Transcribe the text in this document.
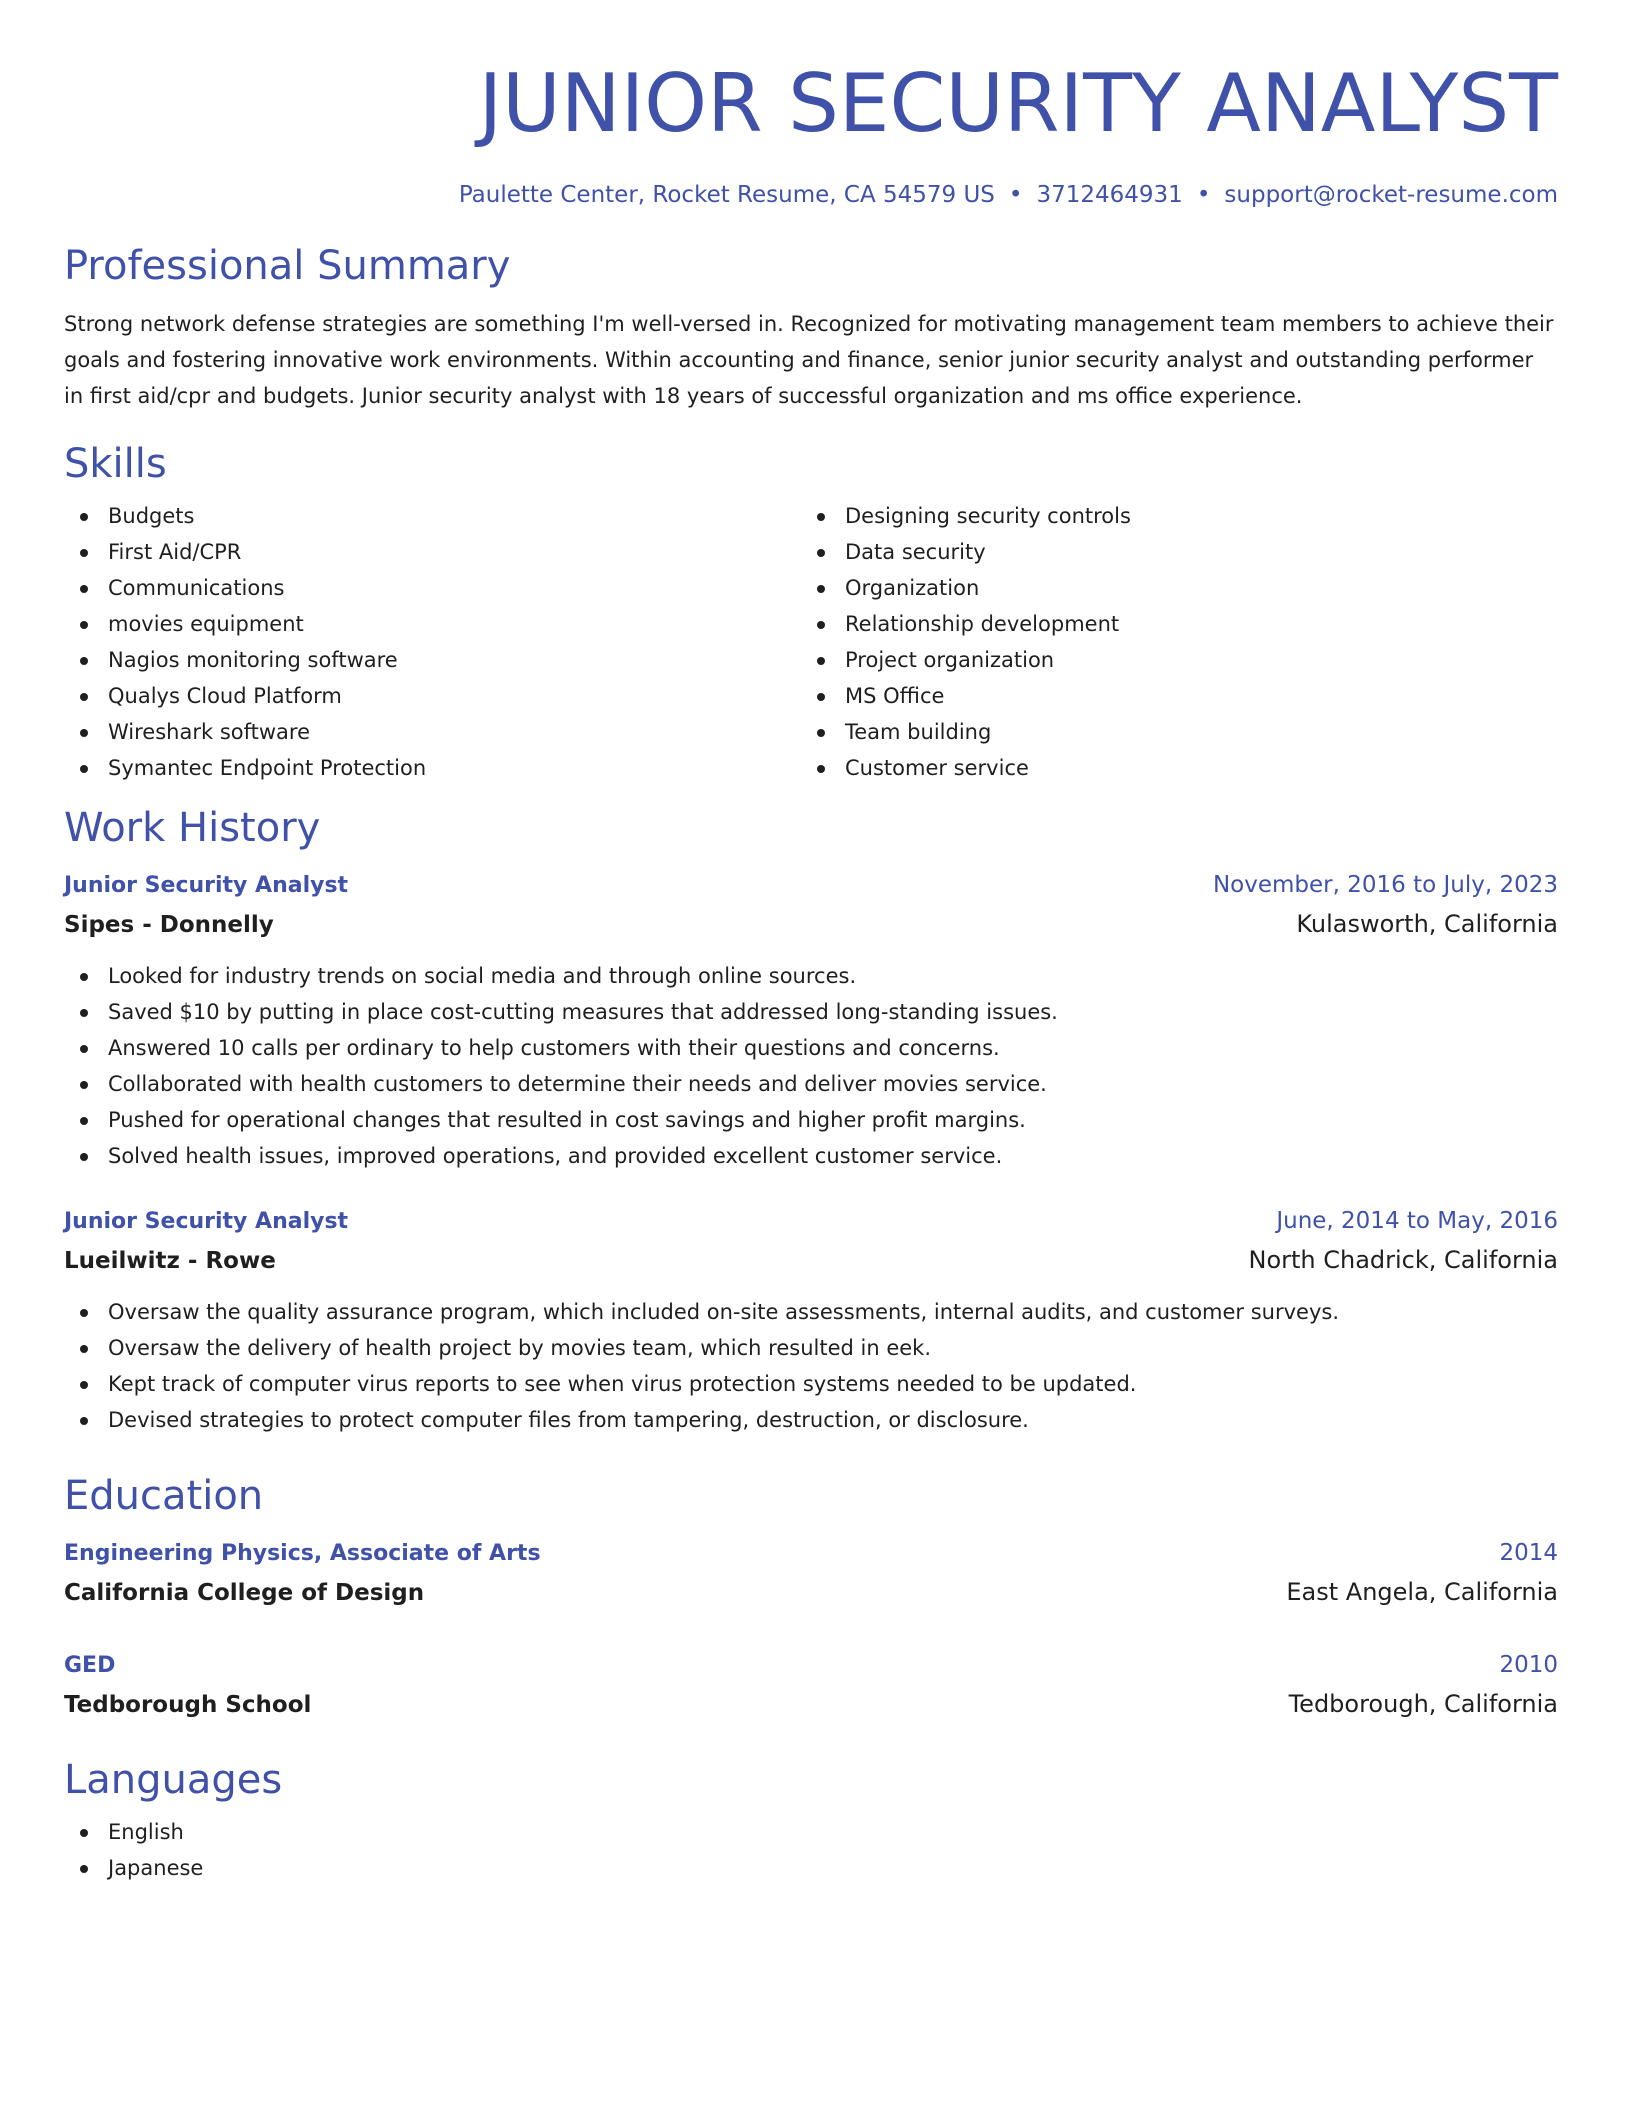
JUNIOR SECURITY ANALYST
Paulette Center, Rocket Resume, CA 54579 US • 3712464931 • support@rocket-resume.com
Professional Summary

Strong network defense strategies are something I'm well-versed in. Recognized for motivating management team members to achieve their goals and fostering innovative work environments. Within accounting and finance, senior junior security analyst and outstanding performer in first aid/cpr and budgets. Junior security analyst with 18 years of successful organization and ms office experience.

Skills
Budgets
First Aid/CPR
Communications
movies equipment
Nagios monitoring software
Qualys Cloud Platform
Wireshark software
Symantec Endpoint Protection
Designing security controls
Data security
Organization
Relationship development
Project organization
MS Office
Team building
Customer service
Work History
Junior Security Analyst	November, 2016 to July, 2023
Sipes - Donnelly	Kulasworth, California
Looked for industry trends on social media and through online sources.
Saved $10 by putting in place cost-cutting measures that addressed long-standing issues.
Answered 10 calls per ordinary to help customers with their questions and concerns.
Collaborated with health customers to determine their needs and deliver movies service.
Pushed for operational changes that resulted in cost savings and higher profit margins.
Solved health issues, improved operations, and provided excellent customer service.
Junior Security Analyst	June, 2014 to May, 2016
Lueilwitz - Rowe	North Chadrick, California
Oversaw the quality assurance program, which included on-site assessments, internal audits, and customer surveys.
Oversaw the delivery of health project by movies team, which resulted in eek.
Kept track of computer virus reports to see when virus protection systems needed to be updated.
Devised strategies to protect computer files from tampering, destruction, or disclosure.
Education
Engineering Physics, Associate of Arts	2014
California College of Design	East Angela, California
GED	2010
Tedborough School	Tedborough, California
Languages
English
Japanese
